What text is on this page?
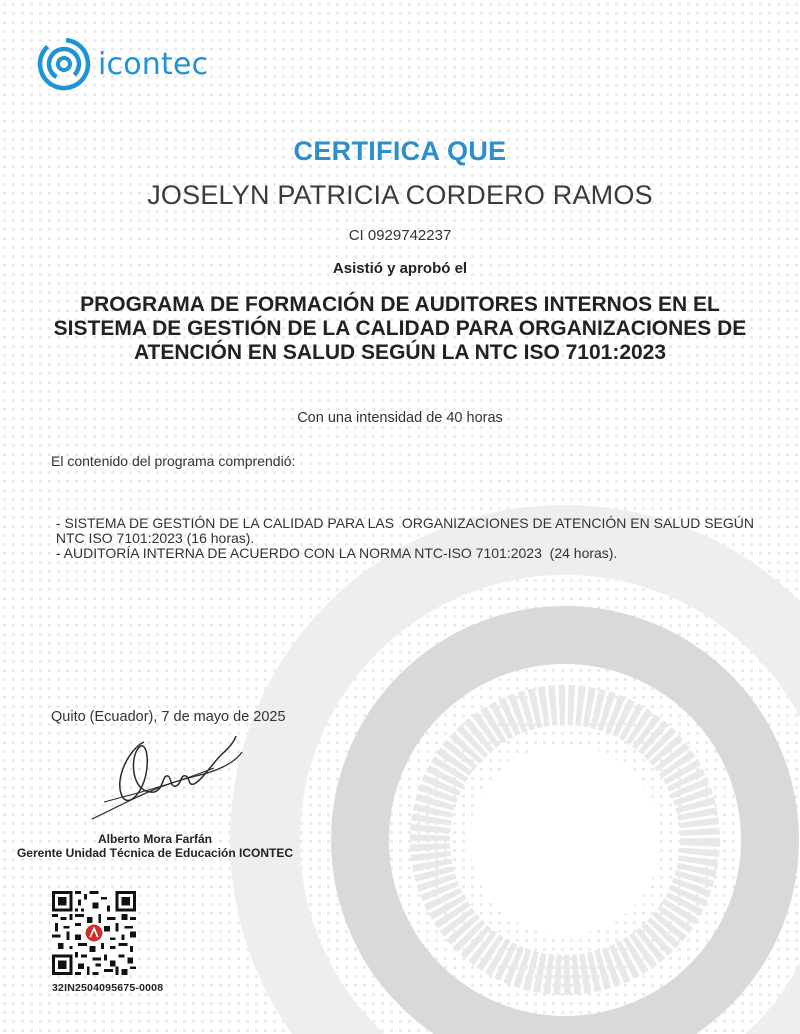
icontec
CERTIFICA QUE
JOSELYN PATRICIA CORDERO RAMOS
CI 0929742237
Asistió y aprobó el
PROGRAMA DE FORMACIÓN DE AUDITORES INTERNOS EN EL
SISTEMA DE GESTIÓN DE LA CALIDAD PARA ORGANIZACIONES DE
ATENCIÓN EN SALUD SEGÚN LA NTC ISO 7101:2023
Con una intensidad de 40 horas
El contenido del programa comprendió:
- SISTEMA DE GESTIÓN DE LA CALIDAD PARA LAS  ORGANIZACIONES DE ATENCIÓN EN SALUD SEGÚN
NTC ISO 7101:2023 (16 horas).
- AUDITORÍA INTERNA DE ACUERDO CON LA NORMA NTC-ISO 7101:2023  (24 horas).
Quito (Ecuador), 7 de mayo de 2025
Alberto Mora Farfán
Gerente Unidad Técnica de Educación ICONTEC
32IN2504095675-0008
